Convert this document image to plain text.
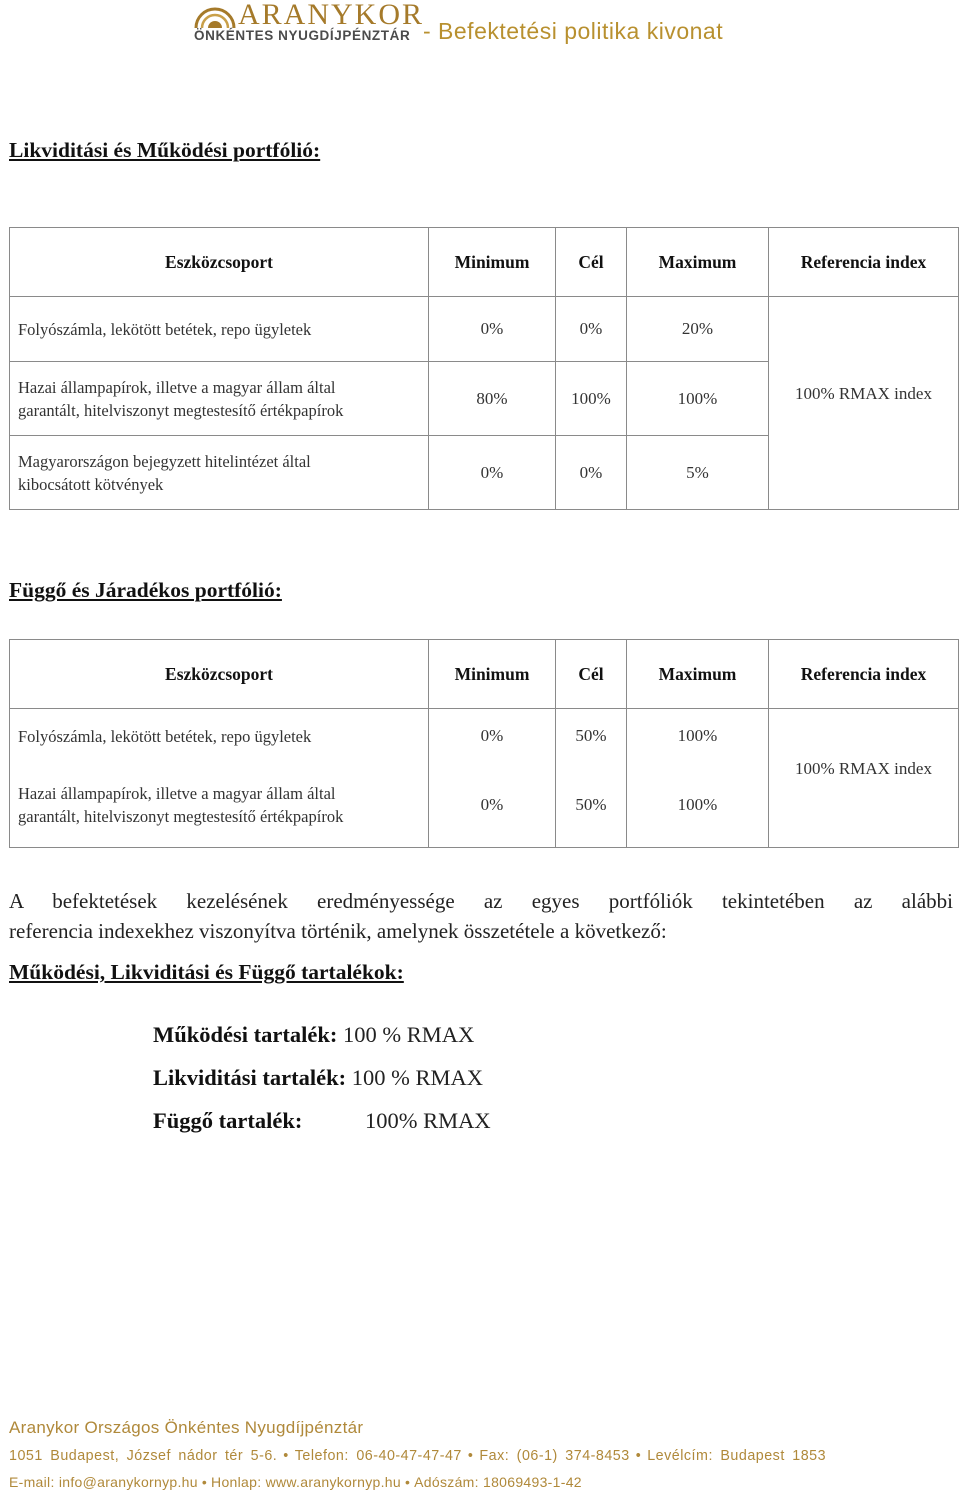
ARANYKOR
ÖNKÉNTES NYUGDÍJPÉNZTÁR - Befektetési politika kivonat
Likviditási és Működési portfólió:
Eszközcsoport	Minimum	Cél	Maximum	Referencia index
Folyószámla, lekötött betétek, repo ügyletek	0%	0%	20%	
Hazai állampapírok, illetve a magyar állam által garantált, hitelviszonyt megtestesítő értékpapírok	80%	100%	100%	100% RMAX index
Magyarországon bejegyzett hitelintézet által kibocsátott kötvények	0%	0%	5%	
Függő és Járadékos portfólió:
Eszközcsoport	Minimum	Cél	Maximum	Referencia index
Folyószámla, lekötött betétek, repo ügyletek	0%	50%	100%	100% RMAX index
Hazai állampapírok, illetve a magyar állam által garantált, hitelviszonyt megtestesítő értékpapírok	0%	50%	100%	
A befektetések kezelésének eredményessége az egyes portfóliók tekintetében az alábbi
referencia indexekhez viszonyítva történik, amelynek összetétele a következő:
Működési, Likviditási és Függő tartalékok:
Működési tartalék: 100 % RMAX
Likviditási tartalék: 100 % RMAX
Függő tartalék:	100% RMAX
Aranykor Országos Önkéntes Nyugdíjpénztár
1051 Budapest, József nádor tér 5-6. • Telefon: 06-40-47-47-47 • Fax: (06-1) 374-8453 • Levélcím: Budapest 1853
E-mail: info@aranykornyp.hu • Honlap: www.aranykornyp.hu • Adószám: 18069493-1-42
